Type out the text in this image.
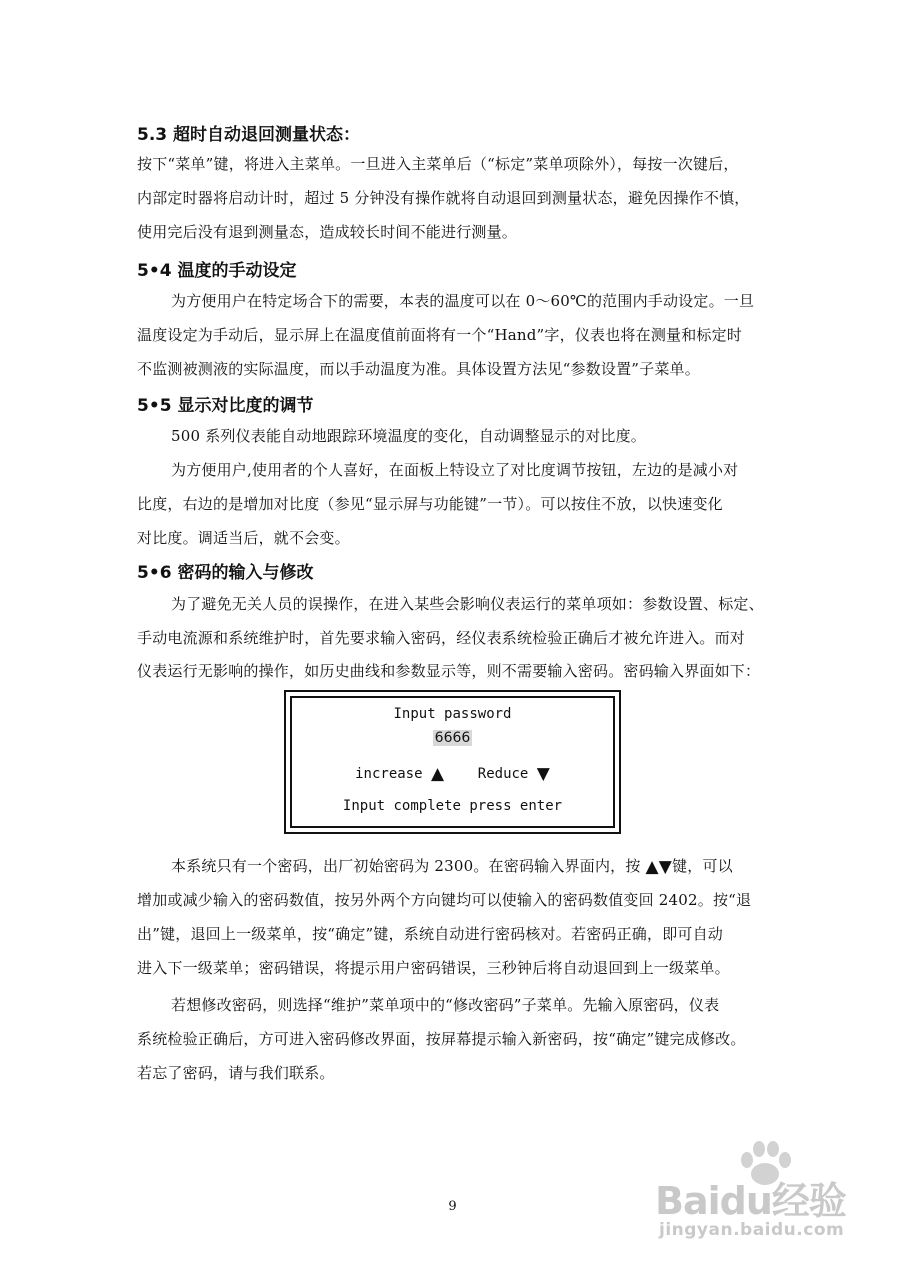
5.3 超时自动退回测量状态：
按下“菜单”键，将进入主菜单。一旦进入主菜单后（“标定”菜单项除外），每按一次键后，
内部定时器将启动计时，超过 5 分钟没有操作就将自动退回到测量状态，避免因操作不慎，
使用完后没有退到测量态，造成较长时间不能进行测量。
5•4 温度的手动设定
为方便用户在特定场合下的需要，本表的温度可以在 0～60℃的范围内手动设定。一旦
温度设定为手动后，显示屏上在温度值前面将有一个“Hand”字，仪表也将在测量和标定时
不监测被测液的实际温度，而以手动温度为准。具体设置方法见“参数设置”子菜单。
5•5 显示对比度的调节
500 系列仪表能自动地跟踪环境温度的变化，自动调整显示的对比度。
为方便用户,使用者的个人喜好，在面板上特设立了对比度调节按钮，左边的是减小对
比度，右边的是增加对比度（参见“显示屏与功能键”一节）。可以按住不放，以快速变化
对比度。调适当后，就不会变。
5•6 密码的输入与修改
为了避免无关人员的误操作，在进入某些会影响仪表运行的菜单项如：参数设置、标定、
手动电流源和系统维护时，首先要求输入密码，经仪表系统检验正确后才被允许进入。而对
仪表运行无影响的操作，如历史曲线和参数显示等，则不需要输入密码。密码输入界面如下：
Input password
6666
increase ▲ Reduce ▼
Input complete press enter
本系统只有一个密码，出厂初始密码为 2300。在密码输入界面内，按 ▲▼键，可以
增加或减少输入的密码数值，按另外两个方向键均可以使输入的密码数值变回 2402。按“退
出”键，退回上一级菜单，按“确定”键，系统自动进行密码核对。若密码正确，即可自动
进入下一级菜单；密码错误，将提示用户密码错误，三秒钟后将自动退回到上一级菜单。
若想修改密码，则选择“维护”菜单项中的“修改密码”子菜单。先输入原密码，仪表
系统检验正确后，方可进入密码修改界面，按屏幕提示输入新密码，按“确定”键完成修改。
若忘了密码，请与我们联系。
9	Baidu经验
jingyan.baidu.com
